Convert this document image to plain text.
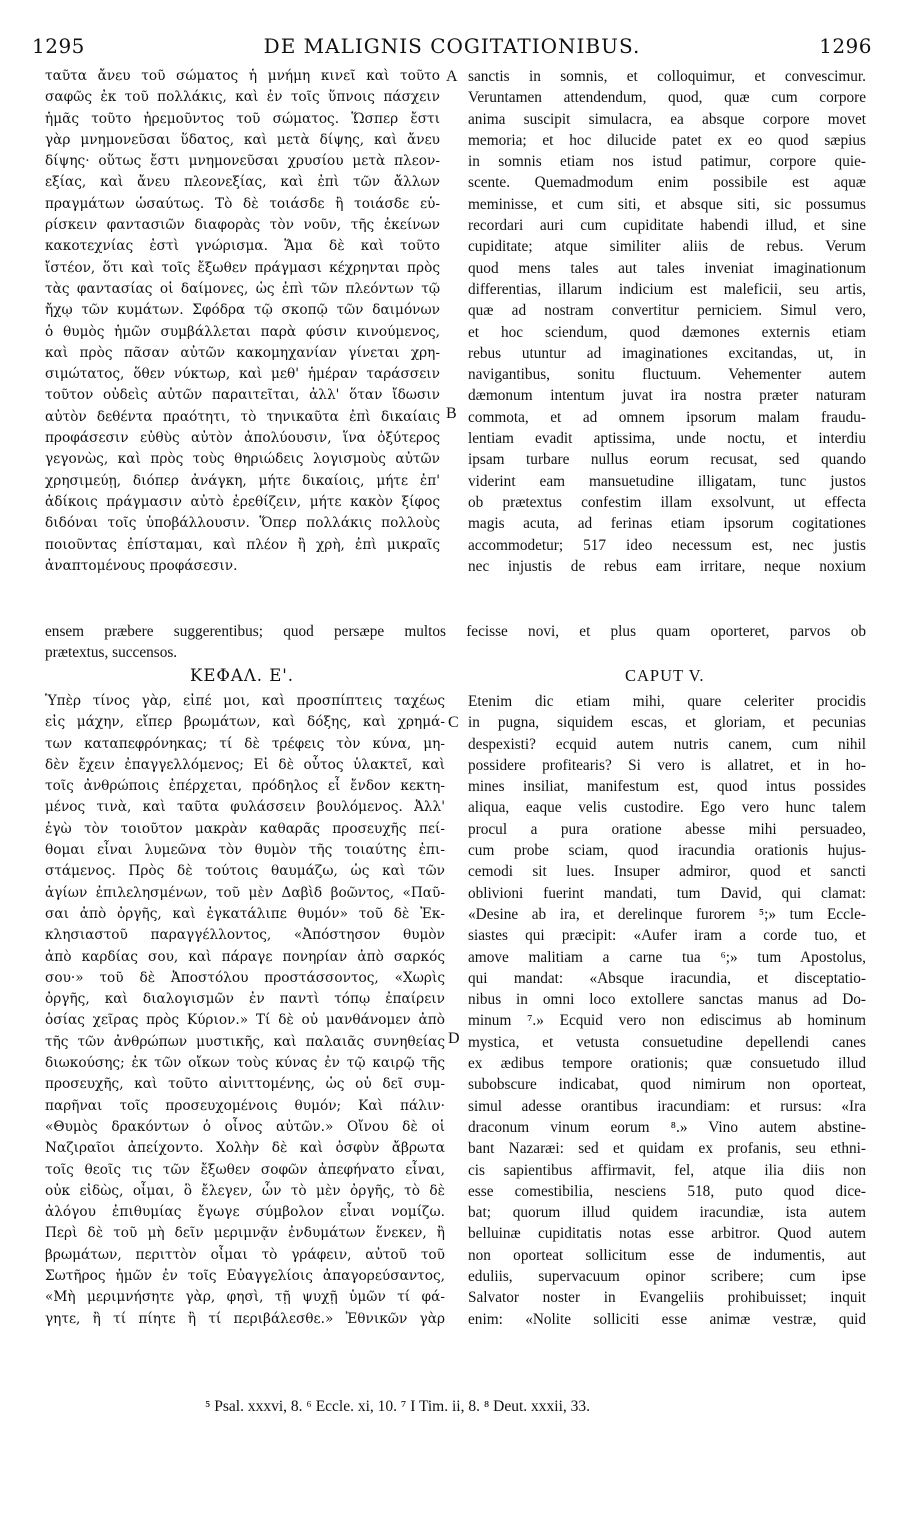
1295	DE MALIGNIS COGITATIONIBUS.	1296
ταῦτα ἄνευ τοῦ σώματος ἡ μνήμη κινεῖ καὶ τοῦτο
σαφῶς ἐκ τοῦ πολλάκις, καὶ ἐν τοῖς ὕπνοις πάσχειν
ἡμᾶς τοῦτο ἠρεμοῦντος τοῦ σώματος. Ὥσπερ ἔστι
γὰρ μνημονεῦσαι ὕδατος, καὶ μετὰ δίψης, καὶ ἄνευ
δίψης· οὕτως ἔστι μνημονεῦσαι χρυσίου μετὰ πλεον-
εξίας, καὶ ἄνευ πλεονεξίας, καὶ ἐπὶ τῶν ἄλλων
πραγμάτων ὡσαύτως. Τὸ δὲ τοιάσδε ἢ τοιάσδε εὑ-
ρίσκειν φαντασιῶν διαφορὰς τὸν νοῦν, τῆς ἐκείνων
κακοτεχνίας ἐστὶ γνώρισμα. Ἅμα δὲ καὶ τοῦτο
ἴστέον, ὅτι καὶ τοῖς ἔξωθεν πράγμασι κέχρηνται πρὸς
τὰς φαντασίας οἱ δαίμονες, ὡς ἐπὶ τῶν πλεόντων τῷ
ἤχῳ τῶν κυμάτων. Σφόδρα τῷ σκοπῷ τῶν δαιμόνων
ὁ θυμὸς ἡμῶν συμβάλλεται παρὰ φύσιν κινούμενος,
καὶ πρὸς πᾶσαν αὐτῶν κακομηχανίαν γίνεται χρη-
σιμώτατος, ὅθεν νύκτωρ, καὶ μεθ' ἡμέραν ταράσσειν
τοῦτον οὐδεὶς αὐτῶν παραιτεῖται, ἀλλ' ὅταν ἴδωσιν
αὐτὸν δεθέντα πραότητι, τὸ τηνικαῦτα ἐπὶ δικαίαις
προφάσεσιν εὐθὺς αὐτὸν ἀπολύουσιν, ἵνα ὀξύτερος
γεγονὼς, καὶ πρὸς τοὺς θηριώδεις λογισμοὺς αὐτῶν
χρησιμεύῃ, διόπερ ἀνάγκη, μήτε δικαίοις, μήτε ἐπ'
ἀδίκοις πράγμασιν αὐτὸ ἐρεθίζειν, μήτε κακὸν ξίφος
διδόναι τοῖς ὑποβάλλουσιν. Ὅπερ πολλάκις πολλοὺς
ποιοῦντας ἐπίσταμαι, καὶ πλέον ἢ χρὴ, ἐπὶ μικραῖς
ἀναπτομένους προφάσεσιν.
sanctis in somnis, et colloquimur, et convescimur.
Veruntamen attendendum, quod, quæ cum corpore
anima suscipit simulacra, ea absque corpore movet
memoria; et hoc dilucide patet ex eo quod sæpius
in somnis etiam nos istud patimur, corpore quie-
scente. Quemadmodum enim possibile est aquæ
meminisse, et cum siti, et absque siti, sic possumus
recordari auri cum cupiditate habendi illud, et sine
cupiditate; atque similiter aliis de rebus. Verum
quod mens tales aut tales inveniat imaginationum
differentias, illarum indicium est maleficii, seu artis,
quæ ad nostram convertitur perniciem. Simul vero,
et hoc sciendum, quod dæmones externis etiam
rebus utuntur ad imaginationes excitandas, ut, in
navigantibus, sonitu fluctuum. Vehementer autem
dæmonum intentum juvat ira nostra præter naturam
commota, et ad omnem ipsorum malam fraudu-
lentiam evadit aptissima, unde noctu, et interdiu
ipsam turbare nullus eorum recusat, sed quando
viderint eam mansuetudine illigatam, tunc justos
ob prætextus confestim illam exsolvunt, ut effecta
magis acuta, ad ferinas etiam ipsorum cogitationes
accommodetur; 517 ideo necessum est, nec justis
nec injustis de rebus eam irritare, neque noxium
ensem præbere suggerentibus; quod persæpe multos fecisse novi, et plus quam oporteret, parvos ob
prætextus, succensos.
ΚΕΦΑΛ. Ε'.	CAPUT V.
Ὑπὲρ τίνος γὰρ, εἰπέ μοι, καὶ προσπίπτεις ταχέως
εἰς μάχην, εἴπερ βρωμάτων, καὶ δόξης, καὶ χρημά-
των καταπεφρόνηκας; τί δὲ τρέφεις τὸν κύνα, μη-
δὲν ἔχειν ἐπαγγελλόμενος; Εἰ δὲ οὗτος ὑλακτεῖ, καὶ
τοῖς ἀνθρώποις ἐπέρχεται, πρόδηλος εἶ ἔνδον κεκτη-
μένος τινὰ, καὶ ταῦτα φυλάσσειν βουλόμενος. Ἀλλ'
ἐγὼ τὸν τοιοῦτον μακρὰν καθαρᾶς προσευχῆς πεί-
θομαι εἶναι λυμεῶνα τὸν θυμὸν τῆς τοιαύτης ἐπι-
στάμενος. Πρὸς δὲ τούτοις θαυμάζω, ὡς καὶ τῶν
ἁγίων ἐπιλελησμένων, τοῦ μὲν Δαβὶδ βοῶντος, «Παῦ-
σαι ἀπὸ ὀργῆς, καὶ ἐγκατάλιπε θυμόν» τοῦ δὲ Ἐκ-
κλησιαστοῦ παραγγέλλοντος, «Ἀπόστησον θυμὸν
ἀπὸ καρδίας σου, καὶ πάραγε πονηρίαν ἀπὸ σαρκός
σου·» τοῦ δὲ Ἀποστόλου προστάσσοντος, «Χωρὶς
ὀργῆς, καὶ διαλογισμῶν ἐν παντὶ τόπῳ ἐπαίρειν
ὁσίας χεῖρας πρὸς Κύριον.» Τί δὲ οὐ μανθάνομεν ἀπὸ
τῆς τῶν ἀνθρώπων μυστικῆς, καὶ παλαιᾶς συνηθείας
διωκούσης; ἐκ τῶν οἴκων τοὺς κύνας ἐν τῷ καιρῷ τῆς
προσευχῆς, καὶ τοῦτο αἰνιττομένης, ὡς οὐ δεῖ συμ-
παρῆναι τοῖς προσευχομένοις θυμόν; Καὶ πάλιν·
«Θυμὸς δρακόντων ὁ οἶνος αὐτῶν.» Οἴνου δὲ οἱ
Ναζιραῖοι ἀπείχοντο. Χολὴν δὲ καὶ ὀσφὺν ἄβρωτα
τοῖς θεοῖς τις τῶν ἔξωθεν σοφῶν ἀπεφήνατο εἶναι,
οὐκ εἰδὼς, οἶμαι, ὃ ἔλεγεν, ὧν τὸ μὲν ὀργῆς, τὸ δὲ
ἀλόγου ἐπιθυμίας ἔγωγε σύμβολον εἶναι νομίζω.
Περὶ δὲ τοῦ μὴ δεῖν μεριμνᾷν ἐνδυμάτων ἕνεκεν, ἢ
βρωμάτων, περιττὸν οἶμαι τὸ γράφειν, αὐτοῦ τοῦ
Σωτῆρος ἡμῶν ἐν τοῖς Εὐαγγελίοις ἀπαγορεύσαντος,
«Μὴ μεριμνήσητε γὰρ, φησὶ, τῇ ψυχῇ ὑμῶν τί φά-
γητε, ἢ τί πίητε ἢ τί περιβάλεσθε.» Ἐθνικῶν γὰρ
Etenim dic etiam mihi, quare celeriter procidis
in pugna, siquidem escas, et gloriam, et pecunias
despexisti? ecquid autem nutris canem, cum nihil
possidere profitearis? Si vero is allatret, et in ho-
mines insiliat, manifestum est, quod intus possides
aliqua, eaque velis custodire. Ego vero hunc talem
procul a pura oratione abesse mihi persuadeo,
cum probe sciam, quod iracundia orationis hujus-
cemodi sit lues. Insuper admiror, quod et sancti
oblivioni fuerint mandati, tum David, qui clamat:
«Desine ab ira, et derelinque furorem ⁵;» tum Eccle-
siastes qui præcipit: «Aufer iram a corde tuo, et
amove malitiam a carne tua ⁶;» tum Apostolus,
qui mandat: «Absque iracundia, et disceptatio-
nibus in omni loco extollere sanctas manus ad Do-
minum ⁷.» Ecquid vero non ediscimus ab hominum
mystica, et vetusta consuetudine depellendi canes
ex ædibus tempore orationis; quæ consuetudo illud
subobscure indicabat, quod nimirum non oporteat,
simul adesse orantibus iracundiam: et rursus: «Ira
draconum vinum eorum ⁸.» Vino autem abstine-
bant Nazaræi: sed et quidam ex profanis, seu ethni-
cis sapientibus affirmavit, fel, atque ilia diis non
esse comestibilia, nesciens 518, puto quod dice-
bat; quorum illud quidem iracundiæ, ista autem
belluinæ cupiditatis notas esse arbitror. Quod autem
non oporteat sollicitum esse de indumentis, aut
eduliis, supervacuum opinor scribere; cum ipse
Salvator noster in Evangeliis prohibuisset; inquit
enim: «Nolite solliciti esse animæ vestræ, quid
A
B
C
D
⁵ Psal. xxxvi, 8. ⁶ Eccle. xi, 10. ⁷ I Tim. ii, 8. ⁸ Deut. xxxii, 33.
